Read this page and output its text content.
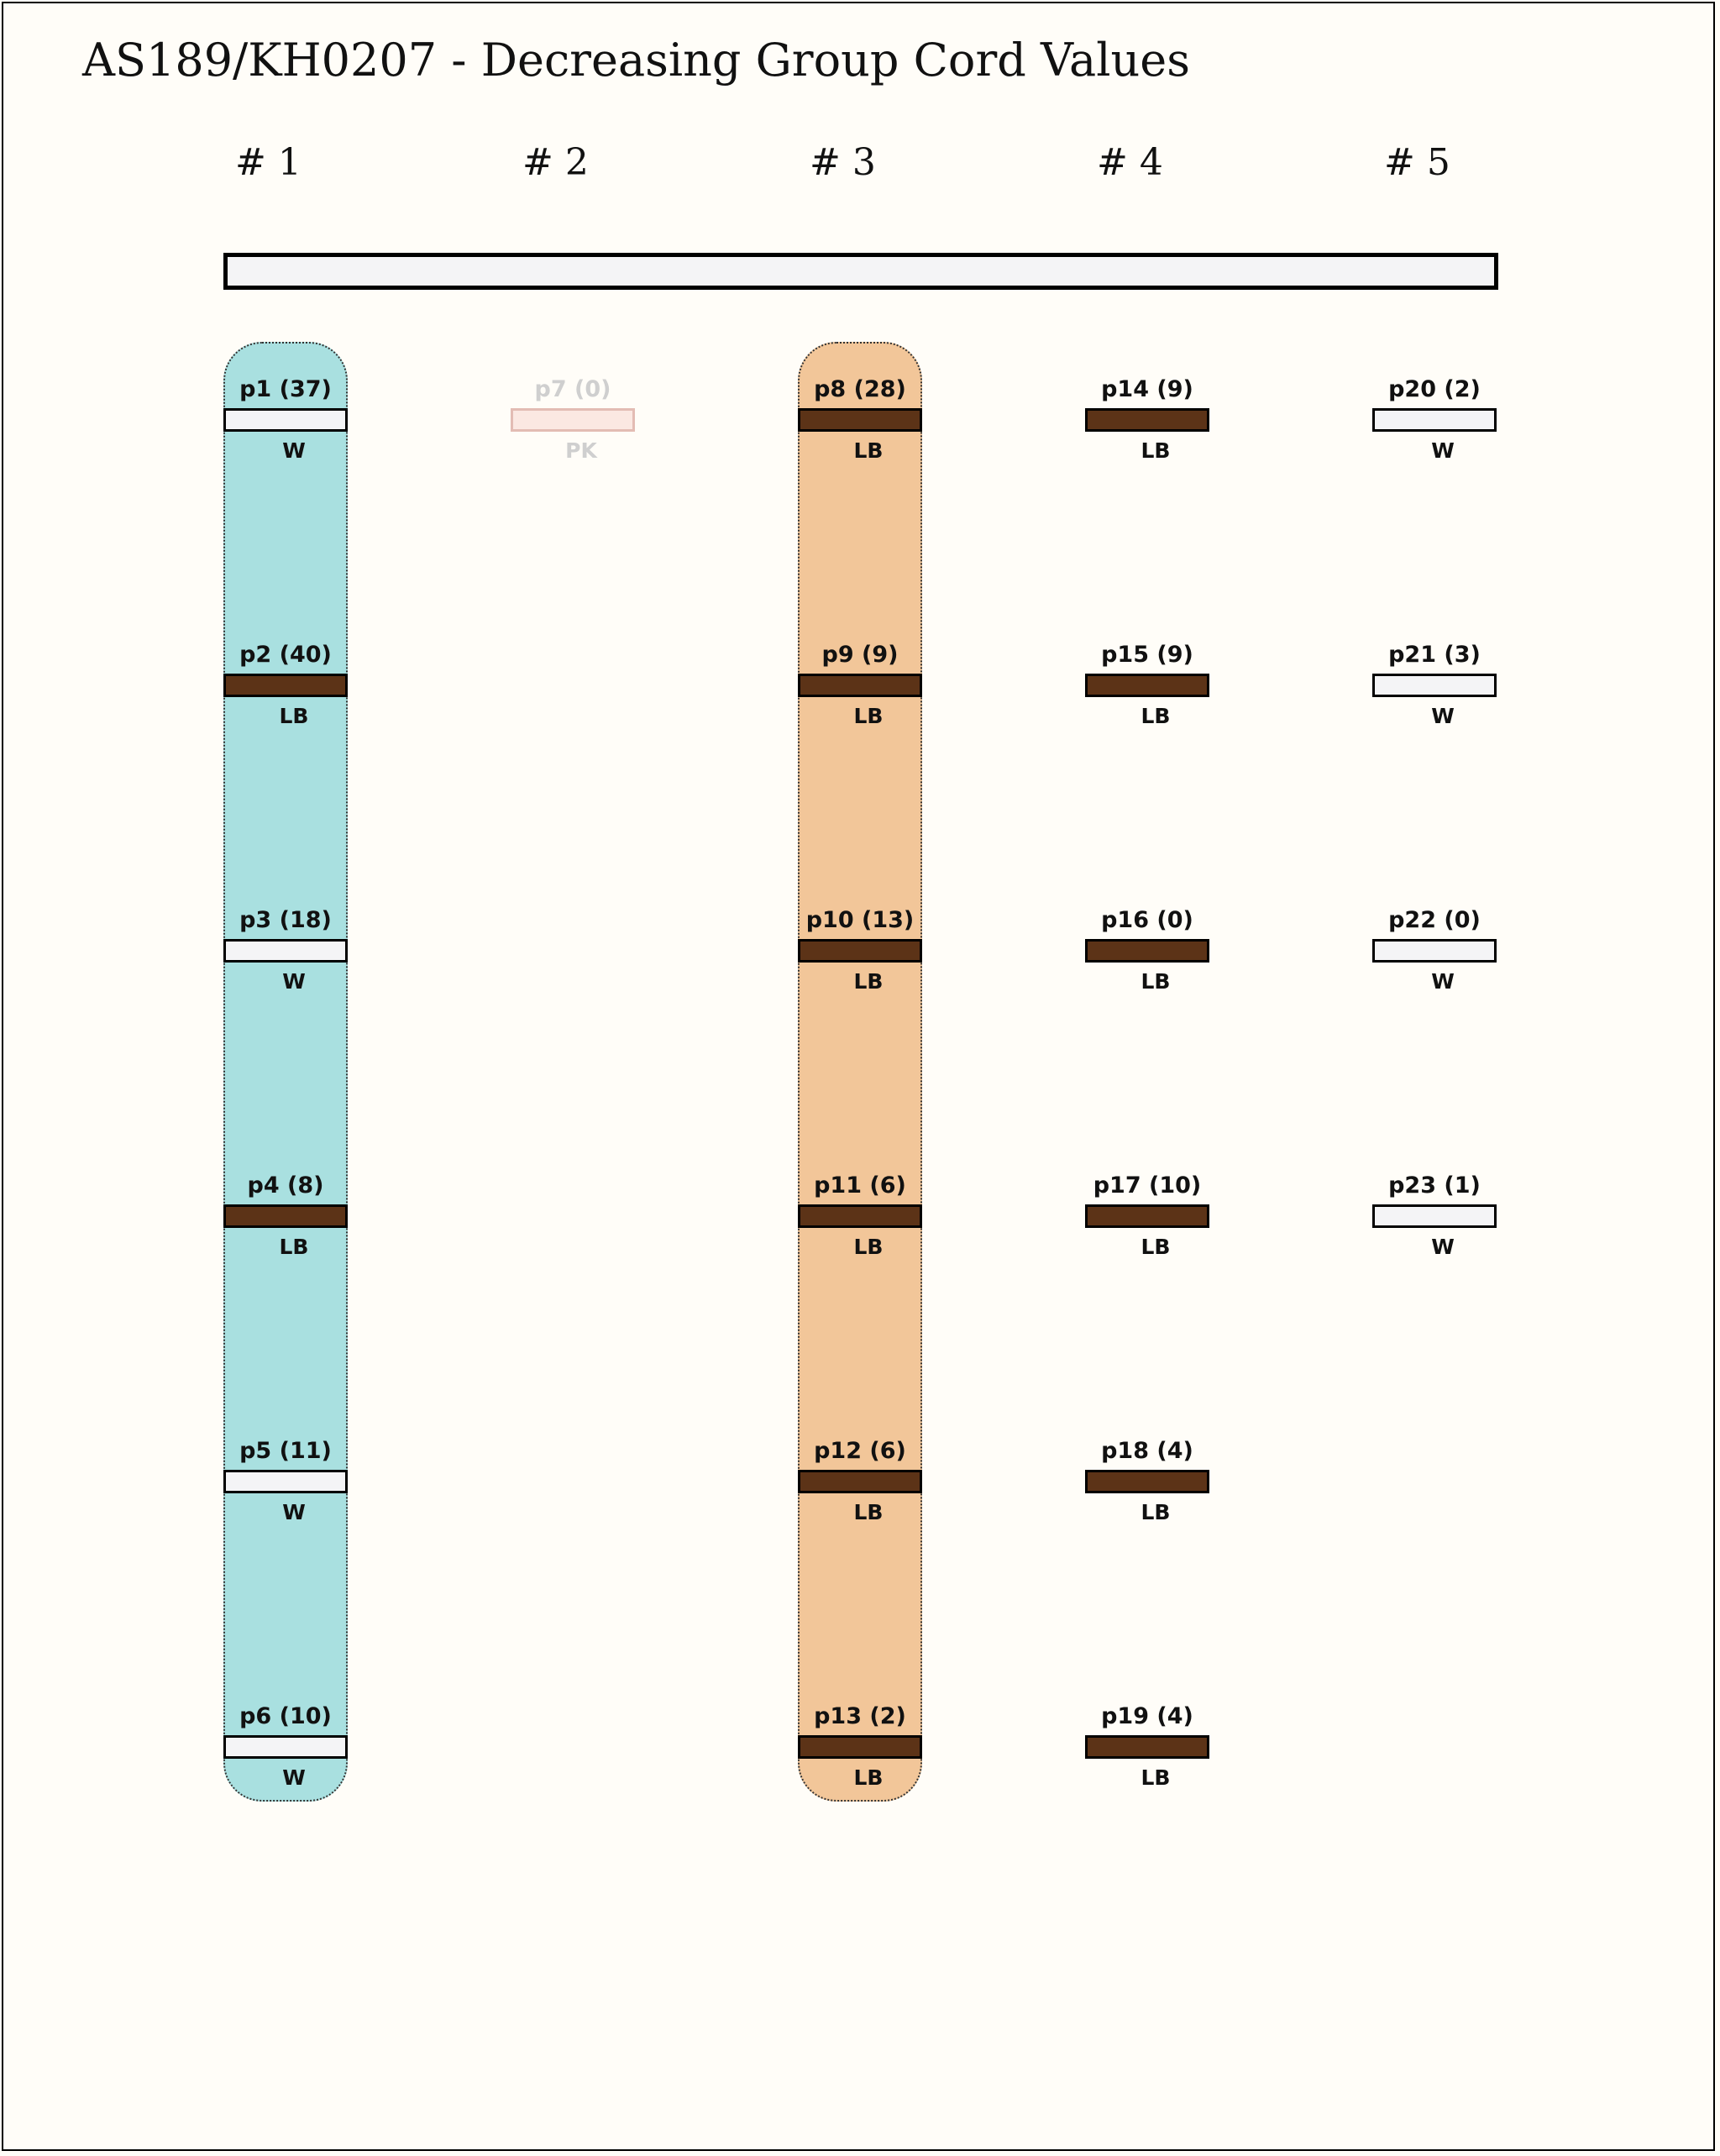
AS189/KH0207 - Decreasing Group Cord Values
# 1
p1 (37)
W
p2 (40)
LB
p3 (18)
W
p4 (8)
LB
p5 (11)
W
p6 (10)
W
# 2
p7 (0)
PK
# 3
p8 (28)
LB
p9 (9)
LB
p10 (13)
LB
p11 (6)
LB
p12 (6)
LB
p13 (2)
LB
# 4
p14 (9)
LB
p15 (9)
LB
p16 (0)
LB
p17 (10)
LB
p18 (4)
LB
p19 (4)
LB
# 5
p20 (2)
W
p21 (3)
W
p22 (0)
W
p23 (1)
W
